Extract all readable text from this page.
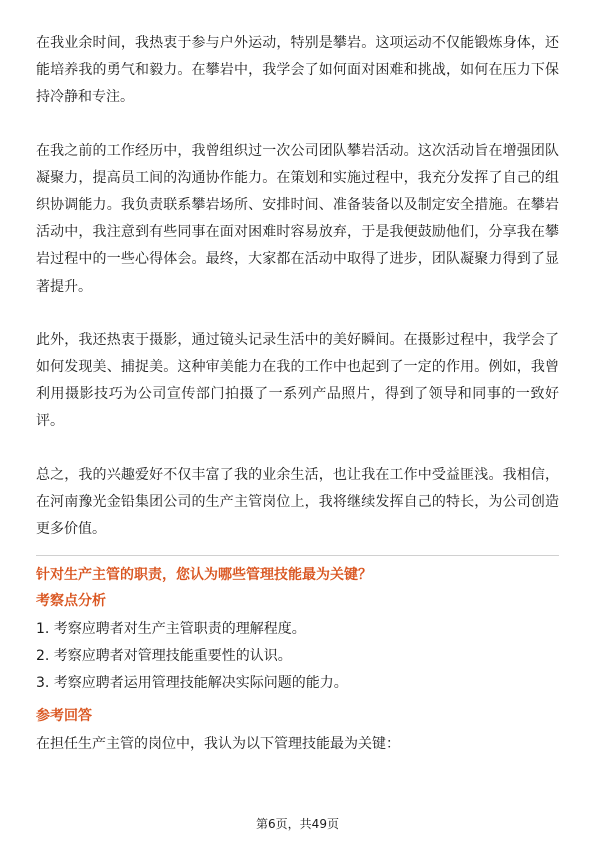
在我业余时间，我热衷于参与户外运动，特别是攀岩。这项运动不仅能锻炼身体，还能培养我的勇气和毅力。在攀岩中，我学会了如何面对困难和挑战，如何在压力下保持冷静和专注。

在我之前的工作经历中，我曾组织过一次公司团队攀岩活动。这次活动旨在增强团队凝聚力，提高员工间的沟通协作能力。在策划和实施过程中，我充分发挥了自己的组织协调能力。我负责联系攀岩场所、安排时间、准备装备以及制定安全措施。在攀岩活动中，我注意到有些同事在面对困难时容易放弃，于是我便鼓励他们，分享我在攀岩过程中的一些心得体会。最终，大家都在活动中取得了进步，团队凝聚力得到了显著提升。

此外，我还热衷于摄影，通过镜头记录生活中的美好瞬间。在摄影过程中，我学会了如何发现美、捕捉美。这种审美能力在我的工作中也起到了一定的作用。例如，我曾利用摄影技巧为公司宣传部门拍摄了一系列产品照片，得到了领导和同事的一致好评。

总之，我的兴趣爱好不仅丰富了我的业余生活，也让我在工作中受益匪浅。我相信，在河南豫光金铅集团公司的生产主管岗位上，我将继续发挥自己的特长，为公司创造更多价值。

针对生产主管的职责，您认为哪些管理技能最为关键？

考察点分析

1. 考察应聘者对生产主管职责的理解程度。

2. 考察应聘者对管理技能重要性的认识。

3. 考察应聘者运用管理技能解决实际问题的能力。

参考回答

在担任生产主管的岗位中，我认为以下管理技能最为关键：

第6页，共49页
